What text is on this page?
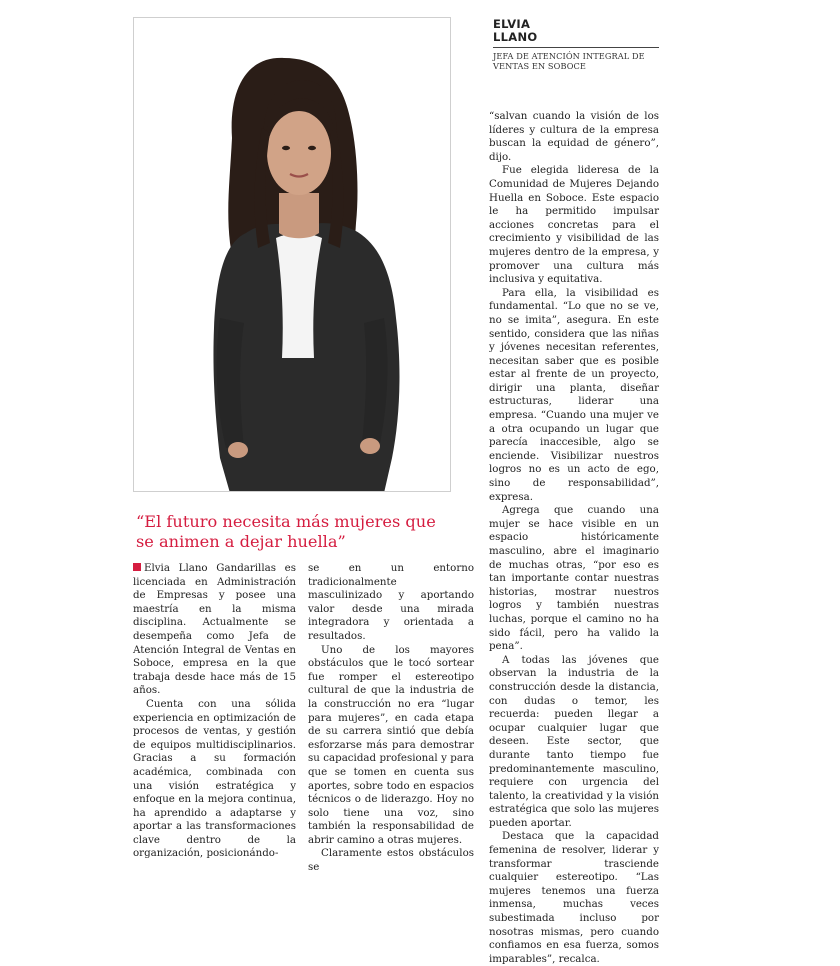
ELVIA
LLANO
JEFA DE ATENCIÓN INTEGRAL DE VENTAS EN SOBOCE
“El futuro necesita más mujeres que se animen a dejar huella”

Elvia Llano Gandarillas es licenciada en Administración de Empresas y posee una maestría en la misma disciplina. Actualmente se desempeña como Jefa de Atención Integral de Ventas en Soboce, empresa en la que trabaja desde hace más de 15 años.

Cuenta con una sólida experiencia en optimización de procesos de ventas, y gestión de equipos multidisciplinarios. Gracias a su formación académica, combinada con una visión estratégica y enfoque en la mejora continua, ha aprendido a adaptarse y aportar a las transformaciones clave dentro de la organización, posicionándo-

se en un entorno tradicionalmente masculinizado y aportando valor desde una mirada integradora y orientada a resultados.

Uno de los mayores obstáculos que le tocó sortear fue romper el estereotipo cultural de que la industria de la construcción no era “lugar para mujeres”, en cada etapa de su carrera sintió que debía esforzarse más para demostrar su capacidad profesional y para que se tomen en cuenta sus aportes, sobre todo en espacios técnicos o de liderazgo. Hoy no solo tiene una voz, sino también la responsabilidad de abrir camino a otras mujeres.

Claramente estos obstáculos se

“salvan cuando la visión de los líderes y cultura de la empresa buscan la equidad de género”, dijo.

Fue elegida lideresa de la Comunidad de Mujeres Dejando Huella en Soboce. Este espacio le ha permitido impulsar acciones concretas para el crecimiento y visibilidad de las mujeres dentro de la empresa, y promover una cultura más inclusiva y equitativa.

Para ella, la visibilidad es fundamental. “Lo que no se ve, no se imita”, asegura. En este sentido, considera que las niñas y jóvenes necesitan referentes, necesitan saber que es posible estar al frente de un proyecto, dirigir una planta, diseñar estructuras, liderar una empresa. “Cuando una mujer ve a otra ocupando un lugar que parecía inaccesible, algo se enciende. Visibilizar nuestros logros no es un acto de ego, sino de responsabilidad”, expresa.

Agrega que cuando una mujer se hace visible en un espacio históricamente masculino, abre el imaginario de muchas otras, “por eso es tan importante contar nuestras historias, mostrar nuestros logros y también nuestras luchas, porque el camino no ha sido fácil, pero ha valido la pena”.

A todas las jóvenes que observan la industria de la construcción desde la distancia, con dudas o temor, les recuerda: pueden llegar a ocupar cualquier lugar que deseen. Este sector, que durante tanto tiempo fue predominantemente masculino, requiere con urgencia del talento, la creatividad y la visión estratégica que solo las mujeres pueden aportar.

Destaca que la capacidad femenina de resolver, liderar y transformar trasciende cualquier estereotipo. “Las mujeres tenemos una fuerza inmensa, muchas veces subestimada incluso por nosotras mismas, pero cuando confiamos en esa fuerza, somos imparables”, recalca.
